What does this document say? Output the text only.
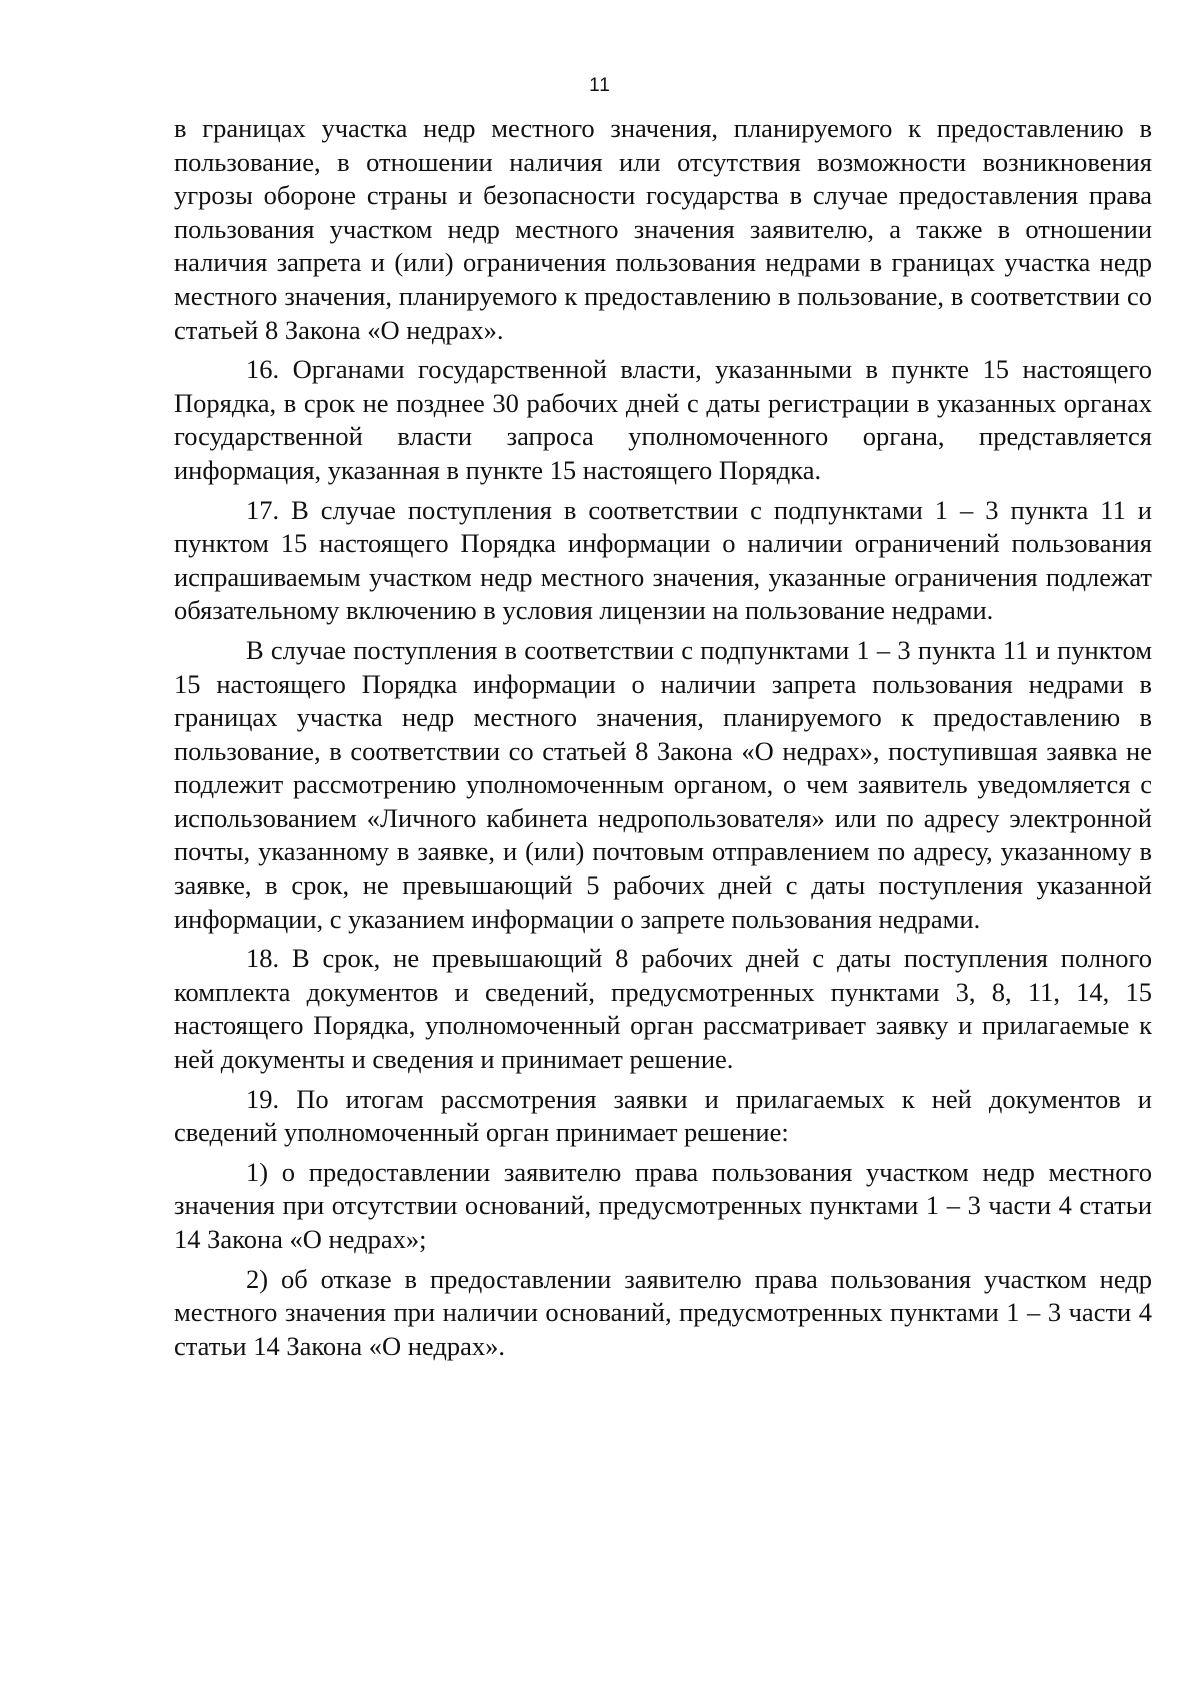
11

в границах участка недр местного значения, планируемого к предоставлению в пользование, в отношении наличия или отсутствия возможности возникновения угрозы обороне страны и безопасности государства в случае предоставления права пользования участком недр местного значения заявителю, а также в отношении наличия запрета и (или) ограничения пользования недрами в границах участка недр местного значения, планируемого к предоставлению в пользование, в соответствии со статьей 8 Закона «О недрах».

16. Органами государственной власти, указанными в пункте 15 настоящего Порядка, в срок не позднее 30 рабочих дней с даты регистрации в указанных органах государственной власти запроса уполномоченного органа, представляется информация, указанная в пункте 15 настоящего Порядка.

17. В случае поступления в соответствии с подпунктами 1 – 3 пункта 11 и пунктом 15 настоящего Порядка информации о наличии ограничений пользования испрашиваемым участком недр местного значения, указанные ограничения подлежат обязательному включению в условия лицензии на пользование недрами.

В случае поступления в соответствии с подпунктами 1 – 3 пункта 11 и пунктом 15 настоящего Порядка информации о наличии запрета пользования недрами в границах участка недр местного значения, планируемого к предоставлению в пользование, в соответствии со статьей 8 Закона «О недрах», поступившая заявка не подлежит рассмотрению уполномоченным органом, о чем заявитель уведомляется с использованием «Личного кабинета недропользователя» или по адресу электронной почты, указанному в заявке, и (или) почтовым отправлением по адресу, указанному в заявке, в срок, не превышающий 5 рабочих дней с даты поступления указанной информации, с указанием информации о запрете пользования недрами.

18. В срок, не превышающий 8 рабочих дней с даты поступления полного комплекта документов и сведений, предусмотренных пунктами 3, 8, 11, 14, 15 настоящего Порядка, уполномоченный орган рассматривает заявку и прилагаемые к ней документы и сведения и принимает решение.

19. По итогам рассмотрения заявки и прилагаемых к ней документов и сведений уполномоченный орган принимает решение:

1) о предоставлении заявителю права пользования участком недр местного значения при отсутствии оснований, предусмотренных пунктами 1 – 3 части 4 статьи 14 Закона «О недрах»;

2) об отказе в предоставлении заявителю права пользования участком недр местного значения при наличии оснований, предусмотренных пунктами 1 – 3 части 4 статьи 14 Закона «О недрах».
